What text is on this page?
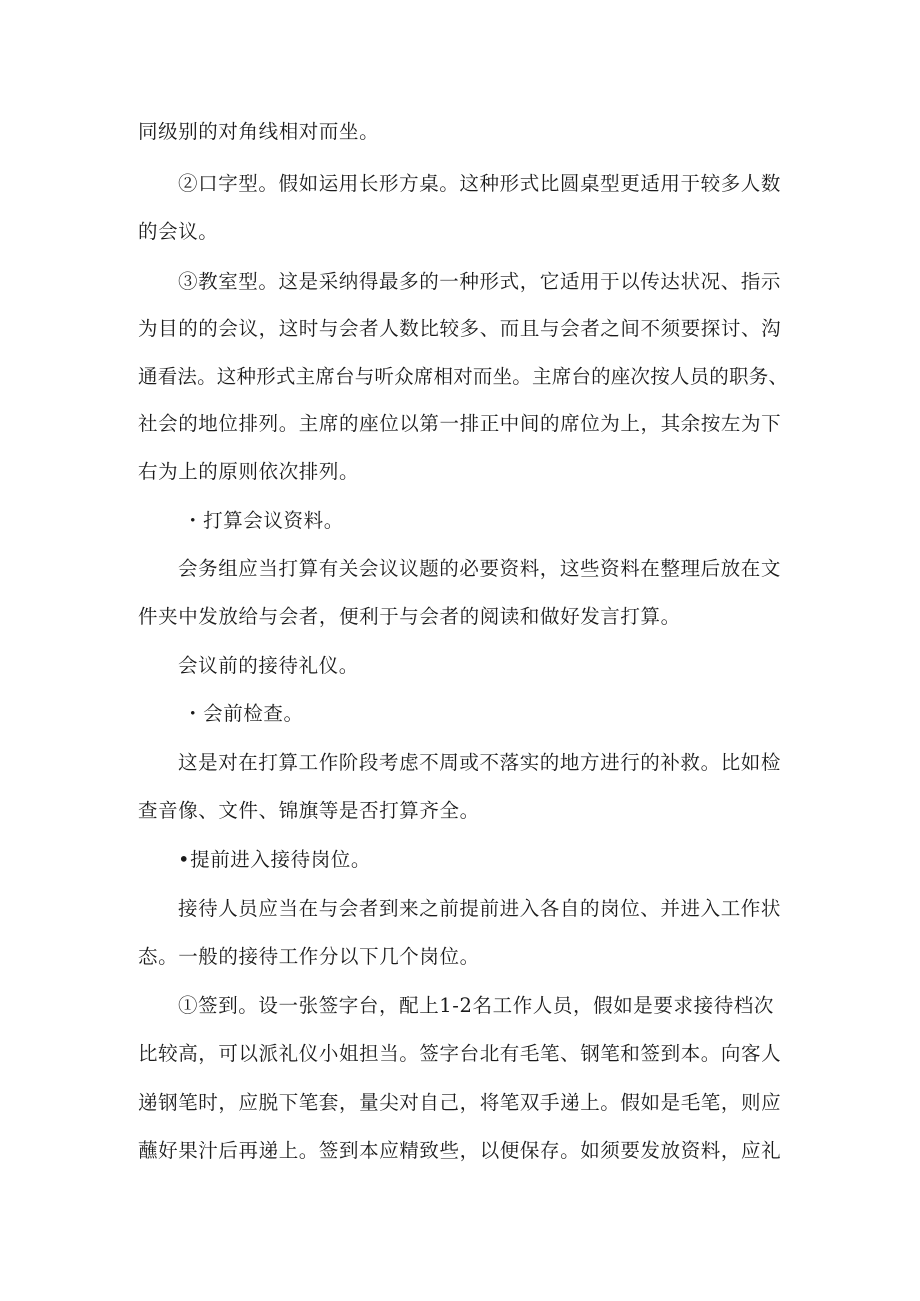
同级别的对角线相对而坐。
②口字型。假如运用长形方桌。这种形式比圆桌型更适用于较多人数
的会议。
③教室型。这是采纳得最多的一种形式，它适用于以传达状况、指示
为目的的会议，这时与会者人数比较多、而且与会者之间不须要探讨、沟
通看法。这种形式主席台与听众席相对而坐。主席台的座次按人员的职务、
社会的地位排列。主席的座位以第一排正中间的席位为上，其余按左为下
右为上的原则依次排列。
・打算会议资料。
会务组应当打算有关会议议题的必要资料，这些资料在整理后放在文
件夹中发放给与会者，便利于与会者的阅读和做好发言打算。
会议前的接待礼仪。
・会前检查。
这是对在打算工作阶段考虑不周或不落实的地方进行的补救。比如检
查音像、文件、锦旗等是否打算齐全。
•提前进入接待岗位。
接待人员应当在与会者到来之前提前进入各自的岗位、并进入工作状
态。一般的接待工作分以下几个岗位。
①签到。设一张签字台，配上1-2名工作人员，假如是要求接待档次
比较高，可以派礼仪小姐担当。签字台北有毛笔、钢笔和签到本。向客人
递钢笔时，应脱下笔套，量尖对自己，将笔双手递上。假如是毛笔，则应
蘸好果汁后再递上。签到本应精致些，以便保存。如须要发放资料，应礼
